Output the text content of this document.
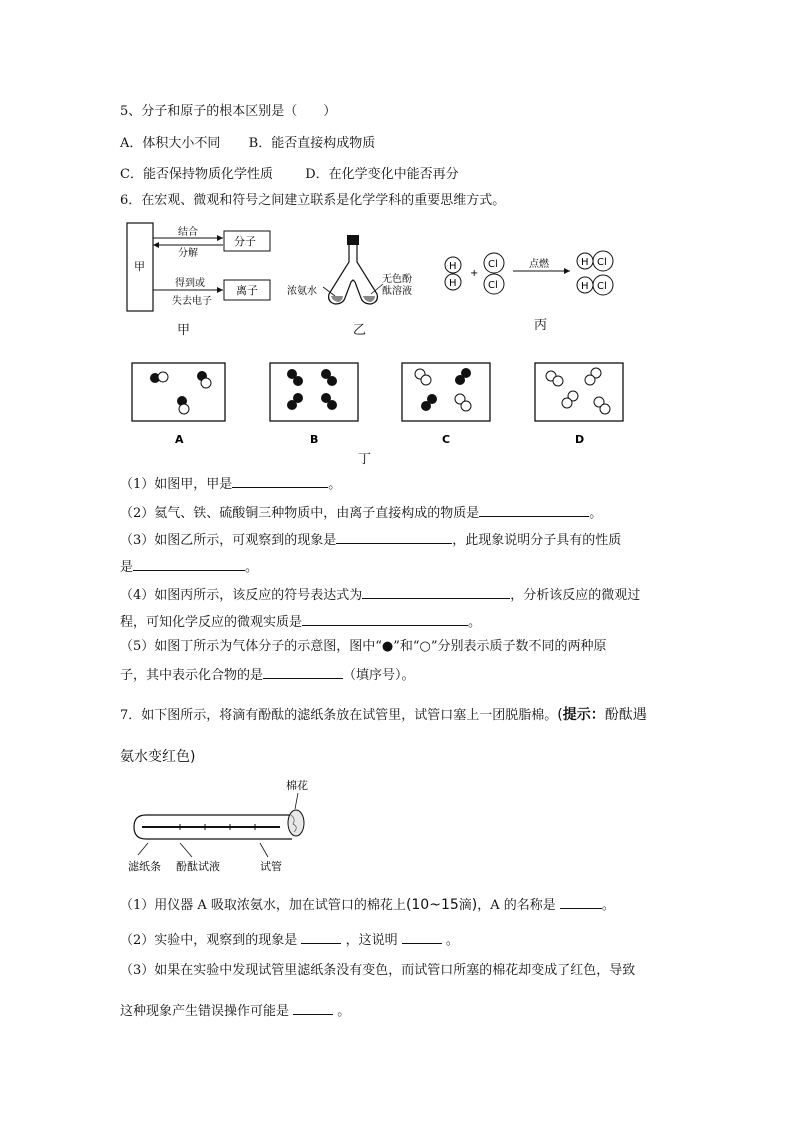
5、分子和原子的根本区别是（　　）
A．体积大小不同 B．能否直接构成物质
C．能否保持物质化学性质 D．在化学变化中能否再分
6．在宏观、微观和符号之间建立联系是化学学科的重要思维方式。
甲
结合
分解
分子
得到或
失去电子
离子
甲
浓氨水
无色酚
酞溶液
乙
H
H
+
Cl
Cl
点燃	H Cl
H Cl
丙
A	B	C	D
丁
（1）如图甲，甲是	。
（2）氦气、铁、硫酸铜三种物质中，由离子直接构成的物质是	。
（3）如图乙所示，可观察到的现象是	，此现象说明分子具有的性质
是	。
（4）如图丙所示，该反应的符号表达式为	，分析该反应的微观过
程，可知化学反应的微观实质是	。
（5）如图丁所示为气体分子的示意图，图中“●”和“○”分别表示质子数不同的两种原
子，其中表示化合物的是	（填序号）。
7．如下图所示，将滴有酚酞的滤纸条放在试管里，试管口塞上一团脱脂棉。(提示：酚酞遇
氨水变红色)
棉花
滤纸条 酚酞试液	试管
（1）用仪器 A 吸取浓氨水，加在试管口的棉花上(10~15滴)，A 的名称是	。
（2）实验中，观察到的现象是	，这说明	。
（3）如果在实验中发现试管里滤纸条没有变色，而试管口所塞的棉花却变成了红色，导致
这种现象产生错误操作可能是	。
